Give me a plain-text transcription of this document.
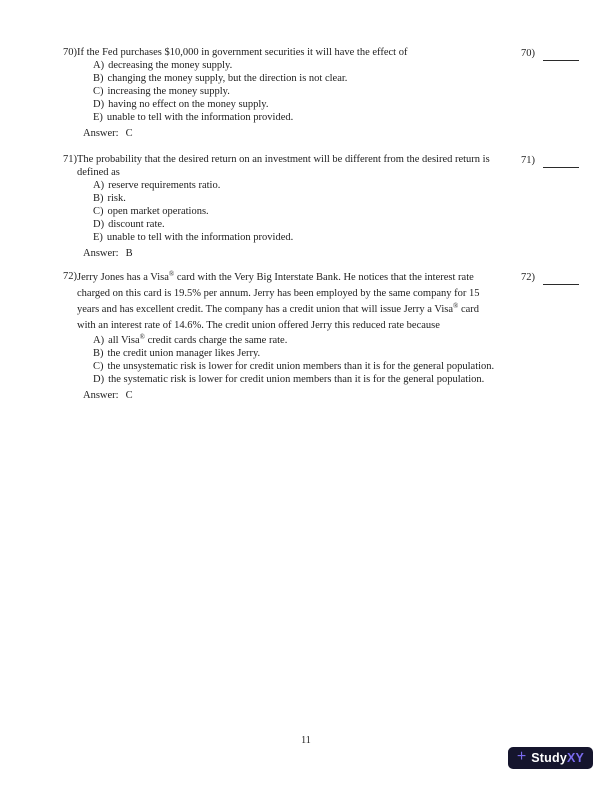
70) If the Fed purchases $10,000 in government securities it will have the effect of
A) decreasing the money supply.
B) changing the money supply, but the direction is not clear.
C) increasing the money supply.
D) having no effect on the money supply.
E) unable to tell with the information provided.
Answer: C
70)
71) The probability that the desired return on an investment will be different from the desired return is
defined as
A) reserve requirements ratio.
B) risk.
C) open market operations.
D) discount rate.
E) unable to tell with the information provided.
Answer: B
71)
72) Jerry Jones has a Visa® card with the Very Big Interstate Bank. He notices that the interest rate
charged on this card is 19.5% per annum. Jerry has been employed by the same company for 15
years and has excellent credit. The company has a credit union that will issue Jerry a Visa® card
with an interest rate of 14.6%. The credit union offered Jerry this reduced rate because
A) all Visa® credit cards charge the same rate.
B) the credit union manager likes Jerry.
C) the unsystematic risk is lower for credit union members than it is for the general population.
D) the systematic risk is lower for credit union members than it is for the general population.
Answer: C
72)
11
+ Study XY
